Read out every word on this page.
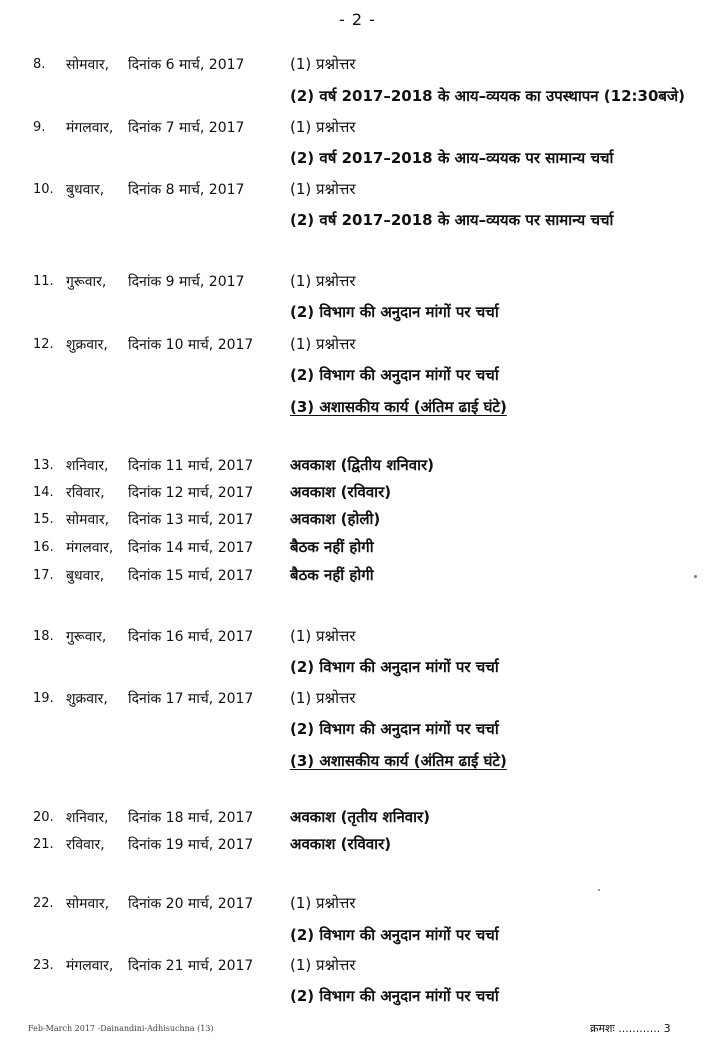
- 2 -
8. सोमवार, दिनांक 6 मार्च, 2017	(1) प्रश्नोत्तर
(2) वर्ष 2017–2018 के आय–व्ययक का उपस्थापन (12:30बजे)
9. मंगलवार, दिनांक 7 मार्च, 2017	(1) प्रश्नोत्तर
(2) वर्ष 2017–2018 के आय–व्ययक पर सामान्य चर्चा
10. बुधवार, दिनांक 8 मार्च, 2017	(1) प्रश्नोत्तर
(2) वर्ष 2017–2018 के आय–व्ययक पर सामान्य चर्चा
11. गुरूवार, दिनांक 9 मार्च, 2017	(1) प्रश्नोत्तर
(2) विभाग की अनुदान मांगों पर चर्चा
12. शुक्रवार, दिनांक 10 मार्च, 2017 (1) प्रश्नोत्तर
(2) विभाग की अनुदान मांगों पर चर्चा
(3) अशासकीय कार्य (अंतिम ढाई घंटे)
13. शनिवार, दिनांक 11 मार्च, 2017 अवकाश (द्वितीय शनिवार)
14. रविवार, दिनांक 12 मार्च, 2017 अवकाश (रविवार)
15. सोमवार, दिनांक 13 मार्च, 2017 अवकाश (होली)
16. मंगलवार, दिनांक 14 मार्च, 2017 बैठक नहीं होगी
17. बुधवार, दिनांक 15 मार्च, 2017 बैठक नहीं होगी
18. गुरूवार, दिनांक 16 मार्च, 2017 (1) प्रश्नोत्तर
(2) विभाग की अनुदान मांगों पर चर्चा
19. शुक्रवार, दिनांक 17 मार्च, 2017 (1) प्रश्नोत्तर
(2) विभाग की अनुदान मांगों पर चर्चा
(3) अशासकीय कार्य (अंतिम ढाई घंटे)
20. शनिवार, दिनांक 18 मार्च, 2017 अवकाश (तृतीय शनिवार)
21. रविवार, दिनांक 19 मार्च, 2017 अवकाश (रविवार)
22. सोमवार, दिनांक 20 मार्च, 2017 (1) प्रश्नोत्तर
(2) विभाग की अनुदान मांगों पर चर्चा
23. मंगलवार, दिनांक 21 मार्च, 2017 (1) प्रश्नोत्तर
(2) विभाग की अनुदान मांगों पर चर्चा
Feb-March 2017 -Dainandini-Adhisuchna (13)	क्रमशः ............ 3
